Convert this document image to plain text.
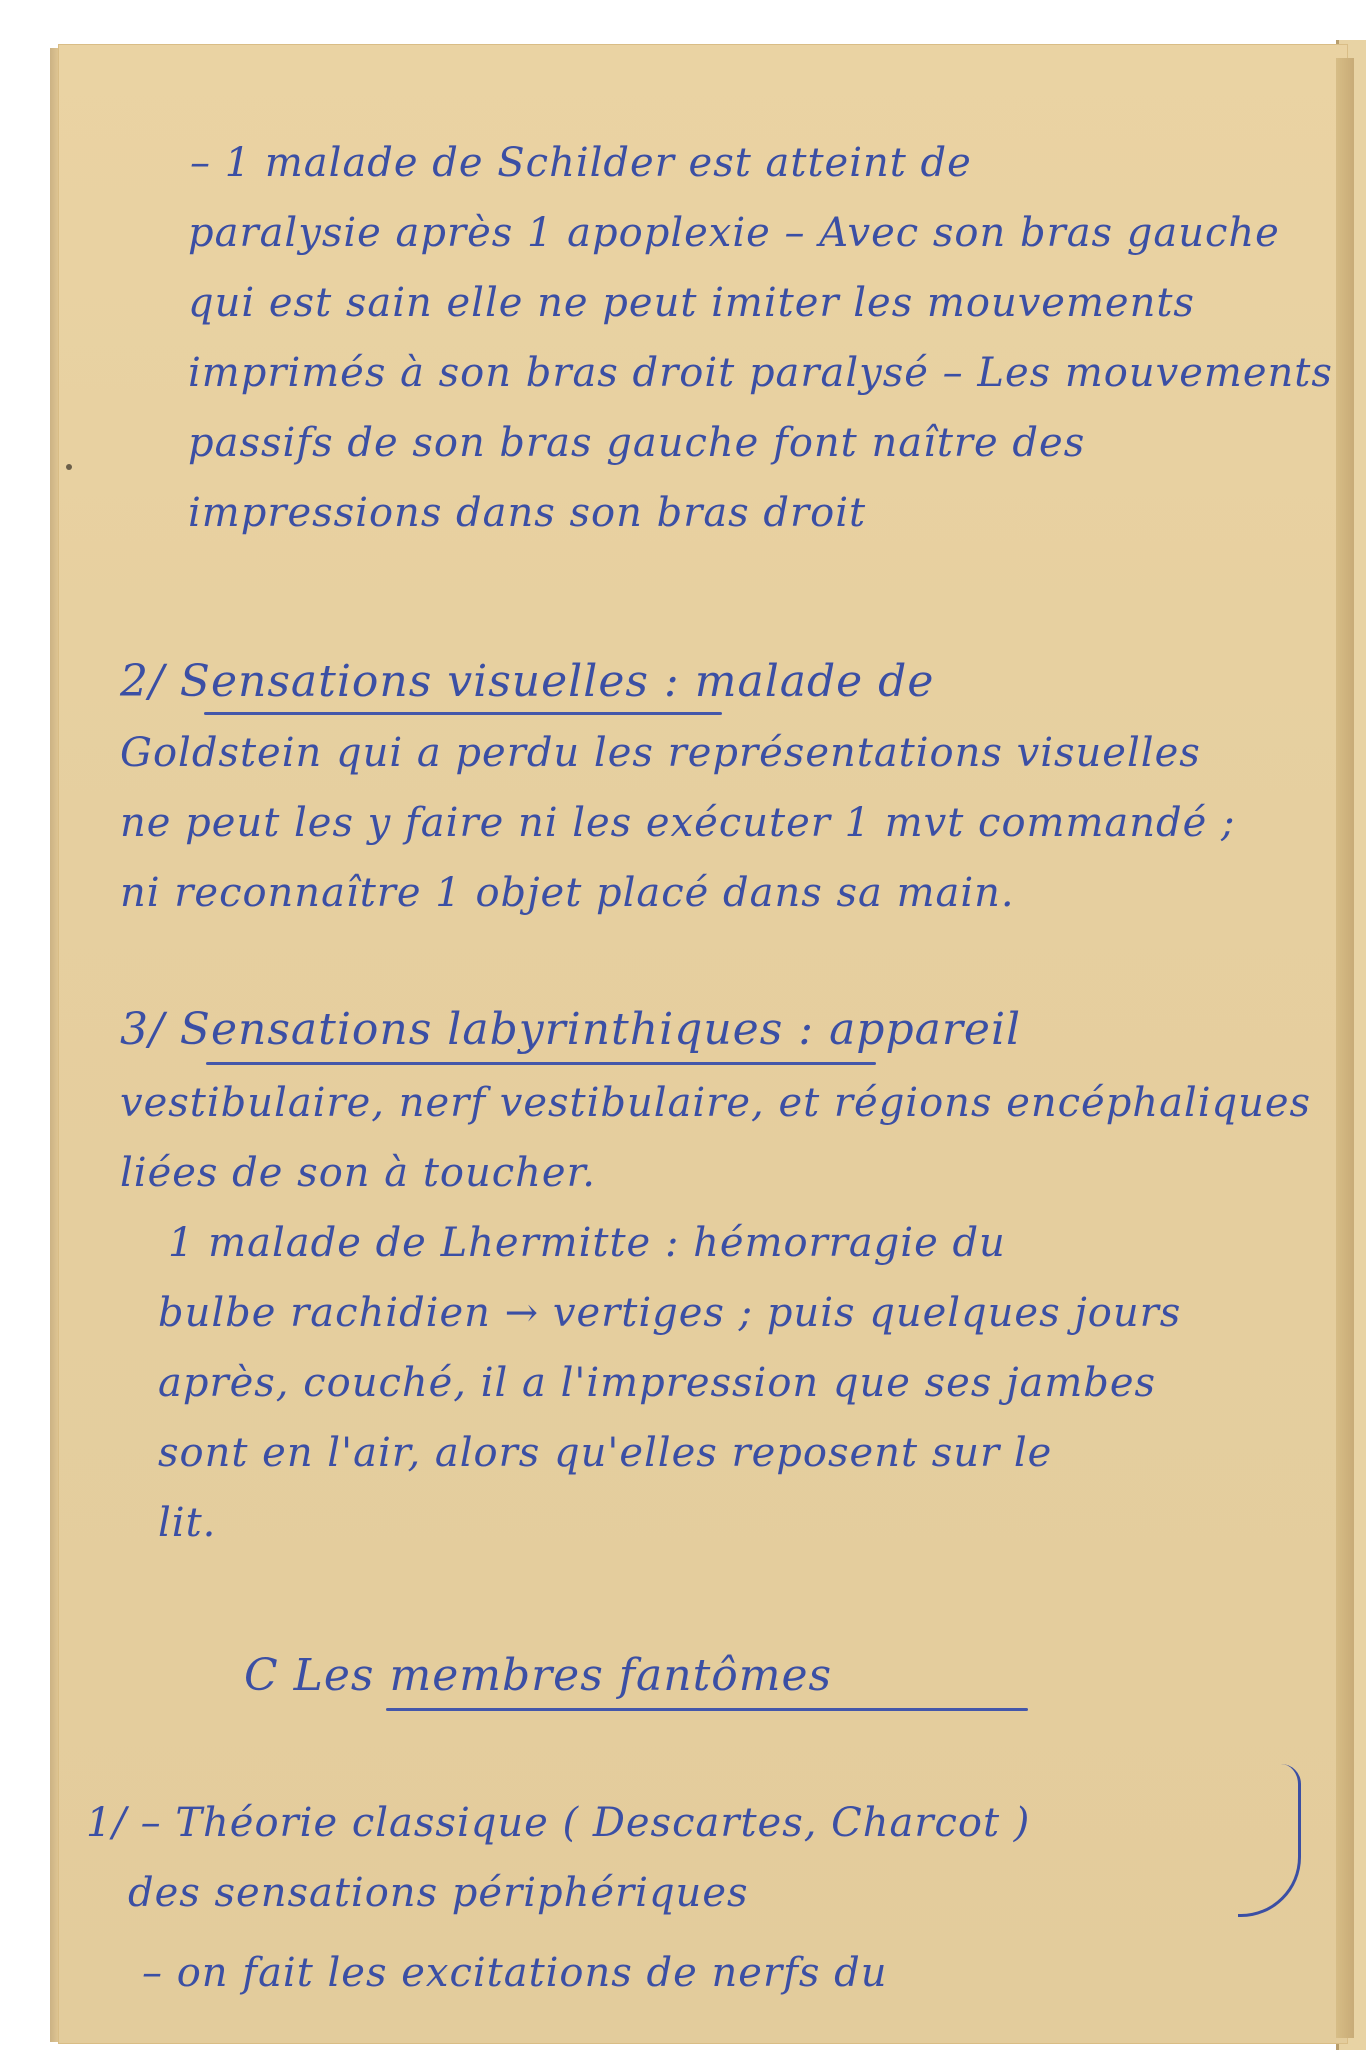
– 1 malade de Schilder est atteint de
paralysie après 1 apoplexie – Avec son bras gauche
qui est sain elle ne peut imiter les mouvements
imprimés à son bras droit paralysé – Les mouvements
passifs de son bras gauche font naître des
impressions dans son bras droit
2/ Sensations visuelles : malade de
Goldstein qui a perdu les représentations visuelles
ne peut les y faire ni les exécuter 1 mvt commandé ;
ni reconnaître 1 objet placé dans sa main.
3/ Sensations labyrinthiques : appareil
vestibulaire, nerf vestibulaire, et régions encéphaliques
liées de son à toucher.
1 malade de Lhermitte : hémorragie du
bulbe rachidien → vertiges ; puis quelques jours
après, couché, il a l'impression que ses jambes
sont en l'air, alors qu'elles reposent sur le
lit.
C Les membres fantômes
1/ – Théorie classique ( Descartes, Charcot )
des sensations périphériques
– on fait les excitations de nerfs du
